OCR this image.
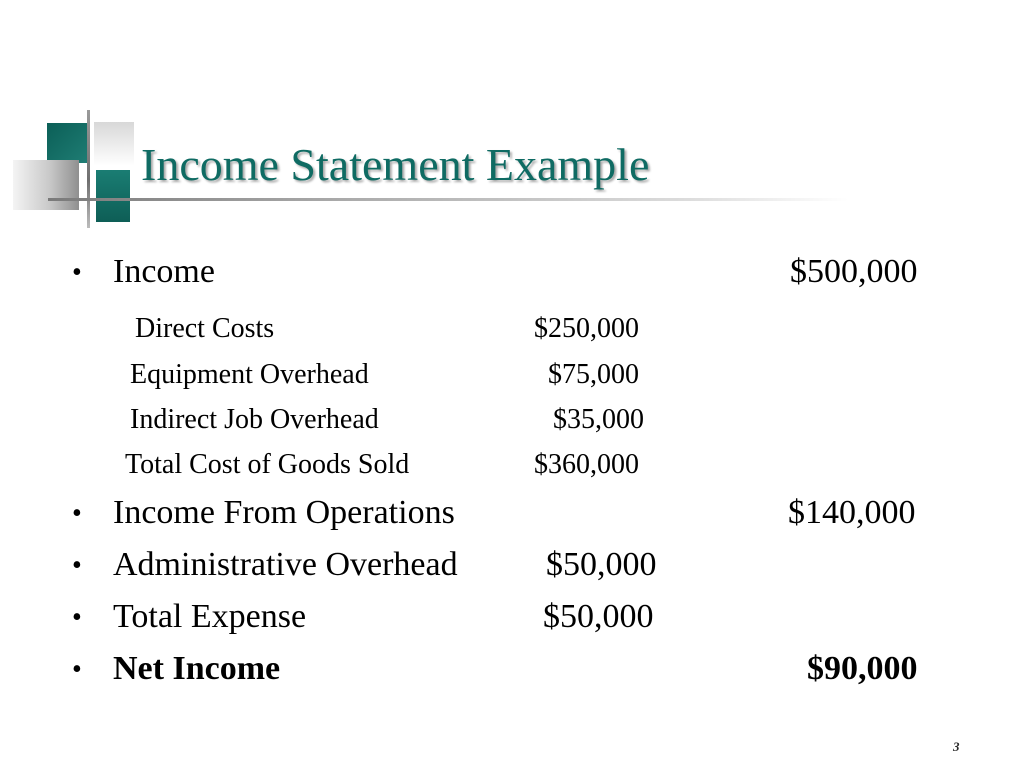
Income Statement Example
• Income	$500,000
Direct Costs	$250,000
Equipment Overhead	$75,000
Indirect Job Overhead	$35,000
Total Cost of Goods Sold	$360,000
• Income From Operations	$140,000
• Administrative Overhead	$50,000
• Total Expense	$50,000
• Net Income	$90,000
3
